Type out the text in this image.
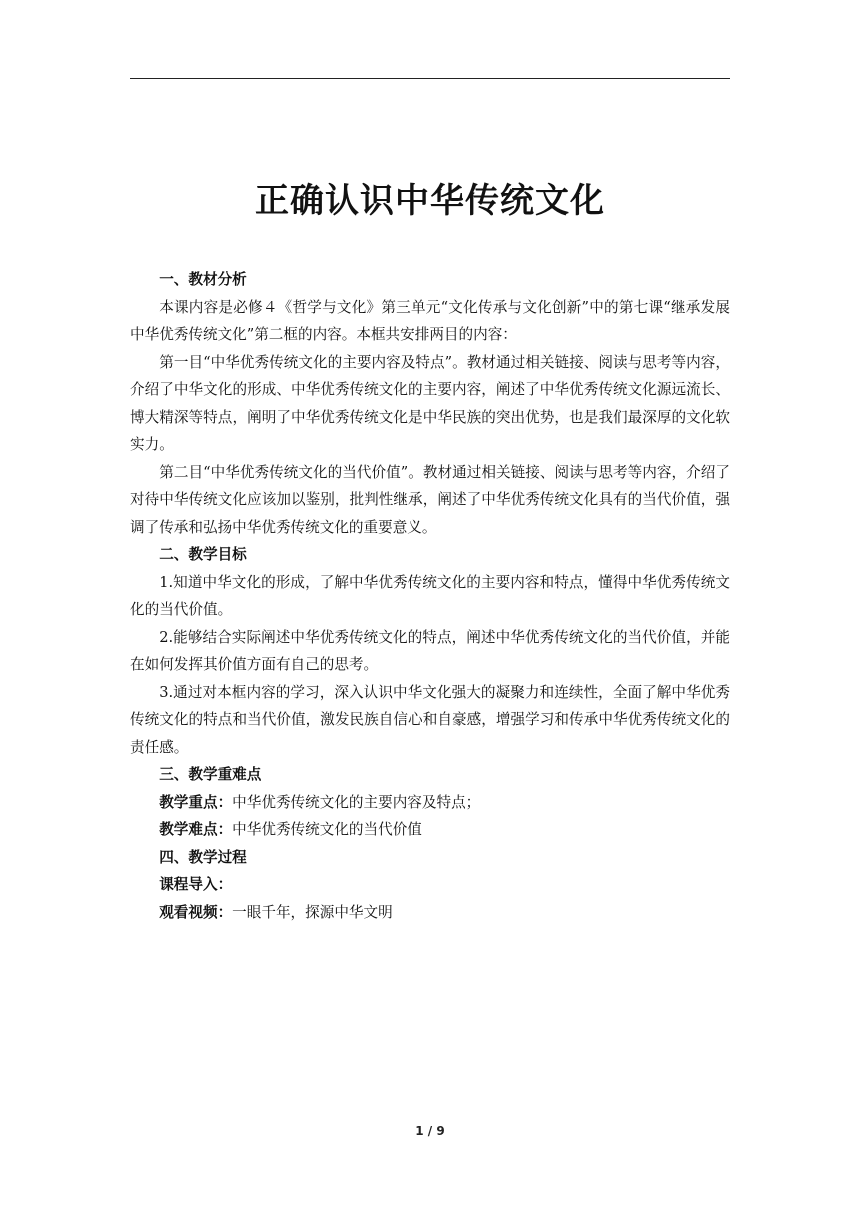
正确认识中华传统文化

一、教材分析

本课内容是必修４《哲学与文化》第三单元“文化传承与文化创新”中的第七课“继承发展中华优秀传统文化”第二框的内容。本框共安排两目的内容：

第一目“中华优秀传统文化的主要内容及特点”。教材通过相关链接、阅读与思考等内容，介绍了中华文化的形成、中华优秀传统文化的主要内容，阐述了中华优秀传统文化源远流长、博大精深等特点，阐明了中华优秀传统文化是中华民族的突出优势，也是我们最深厚的文化软实力。

第二目“中华优秀传统文化的当代价值”。教材通过相关链接、阅读与思考等内容，介绍了对待中华传统文化应该加以鉴别，批判性继承，阐述了中华优秀传统文化具有的当代价值，强调了传承和弘扬中华优秀传统文化的重要意义。

二、教学目标

1.知道中华文化的形成，了解中华优秀传统文化的主要内容和特点，懂得中华优秀传统文化的当代价值。

2.能够结合实际阐述中华优秀传统文化的特点，阐述中华优秀传统文化的当代价值，并能在如何发挥其价值方面有自己的思考。

3.通过对本框内容的学习，深入认识中华文化强大的凝聚力和连续性，全面了解中华优秀传统文化的特点和当代价值，激发民族自信心和自豪感，增强学习和传承中华优秀传统文化的责任感。

三、教学重难点

教学重点：中华优秀传统文化的主要内容及特点；

教学难点：中华优秀传统文化的当代价值

四、教学过程

课程导入：

观看视频：一眼千年，探源中华文明

1 / 9
